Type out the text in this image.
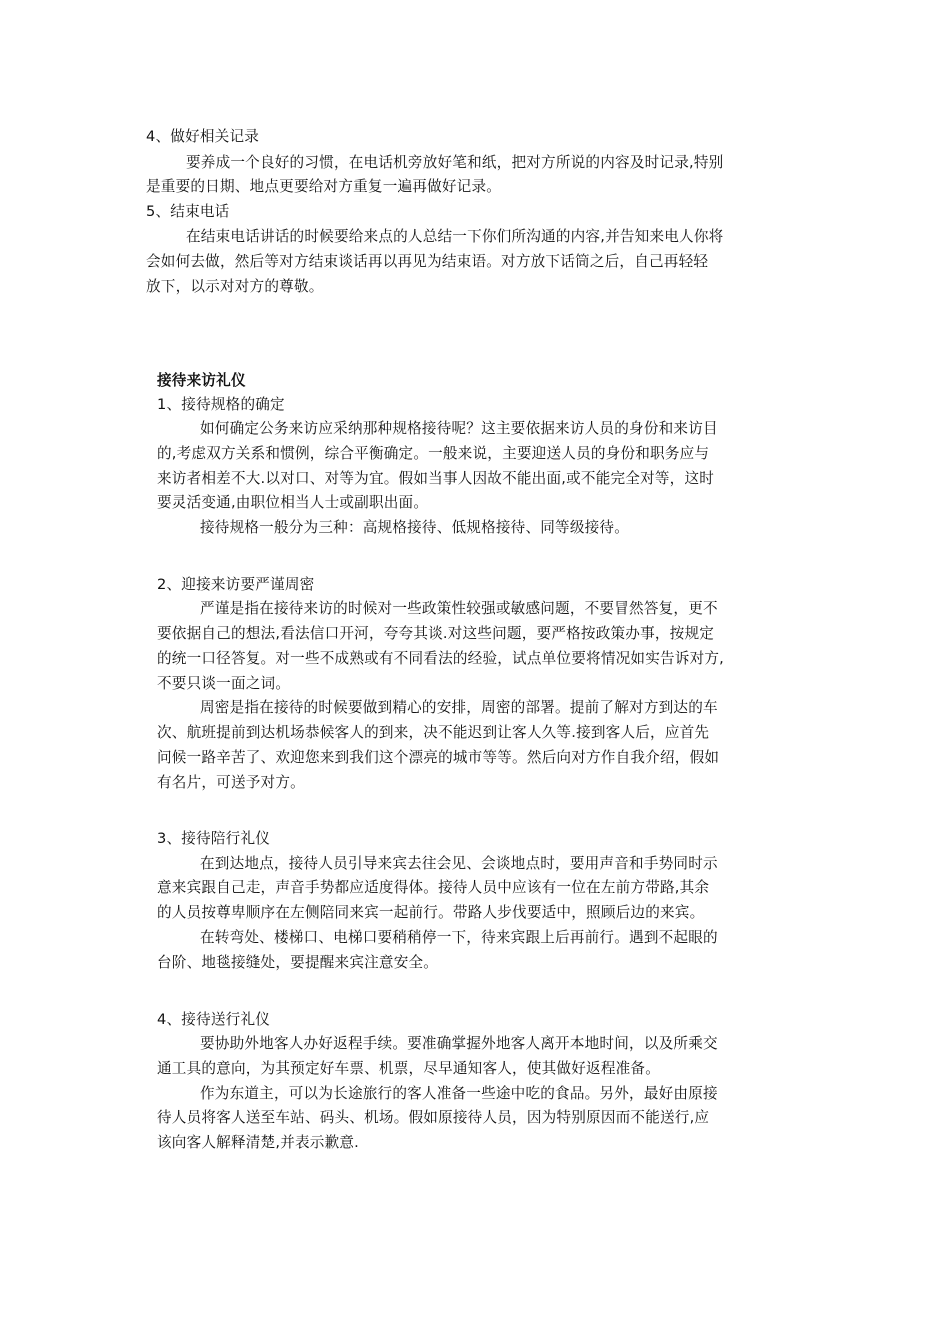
4、做好相关记录
要养成一个良好的习惯，在电话机旁放好笔和纸，把对方所说的内容及时记录,特别
是重要的日期、地点更要给对方重复一遍再做好记录。
5、结束电话
在结束电话讲话的时候要给来点的人总结一下你们所沟通的内容,并告知来电人你将
会如何去做，然后等对方结束谈话再以再见为结束语。对方放下话筒之后，自己再轻轻
放下，以示对对方的尊敬。
接待来访礼仪
1、接待规格的确定
如何确定公务来访应采纳那种规格接待呢？这主要依据来访人员的身份和来访目
的,考虑双方关系和惯例，综合平衡确定。一般来说，主要迎送人员的身份和职务应与
来访者相差不大.以对口、对等为宜。假如当事人因故不能出面,或不能完全对等，这时
要灵活变通,由职位相当人士或副职出面。
接待规格一般分为三种：高规格接待、低规格接待、同等级接待。
2、迎接来访要严谨周密
严谨是指在接待来访的时候对一些政策性较强或敏感问题，不要冒然答复，更不
要依据自己的想法,看法信口开河，夸夸其谈.对这些问题，要严格按政策办事，按规定
的统一口径答复。对一些不成熟或有不同看法的经验，试点单位要将情况如实告诉对方,
不要只谈一面之词。
周密是指在接待的时候要做到精心的安排，周密的部署。提前了解对方到达的车
次、航班提前到达机场恭候客人的到来，决不能迟到让客人久等.接到客人后，应首先
问候一路辛苦了、欢迎您来到我们这个漂亮的城市等等。然后向对方作自我介绍，假如
有名片，可送予对方。
3、接待陪行礼仪
在到达地点，接待人员引导来宾去往会见、会谈地点时，要用声音和手势同时示
意来宾跟自己走，声音手势都应适度得体。接待人员中应该有一位在左前方带路,其余
的人员按尊卑顺序在左侧陪同来宾一起前行。带路人步伐要适中，照顾后边的来宾。
在转弯处、楼梯口、电梯口要稍稍停一下，待来宾跟上后再前行。遇到不起眼的
台阶、地毯接缝处，要提醒来宾注意安全。
4、接待送行礼仪
要协助外地客人办好返程手续。要准确掌握外地客人离开本地时间，以及所乘交
通工具的意向，为其预定好车票、机票，尽早通知客人，使其做好返程准备。
作为东道主，可以为长途旅行的客人准备一些途中吃的食品。另外，最好由原接
待人员将客人送至车站、码头、机场。假如原接待人员，因为特别原因而不能送行,应
该向客人解释清楚,并表示歉意.
